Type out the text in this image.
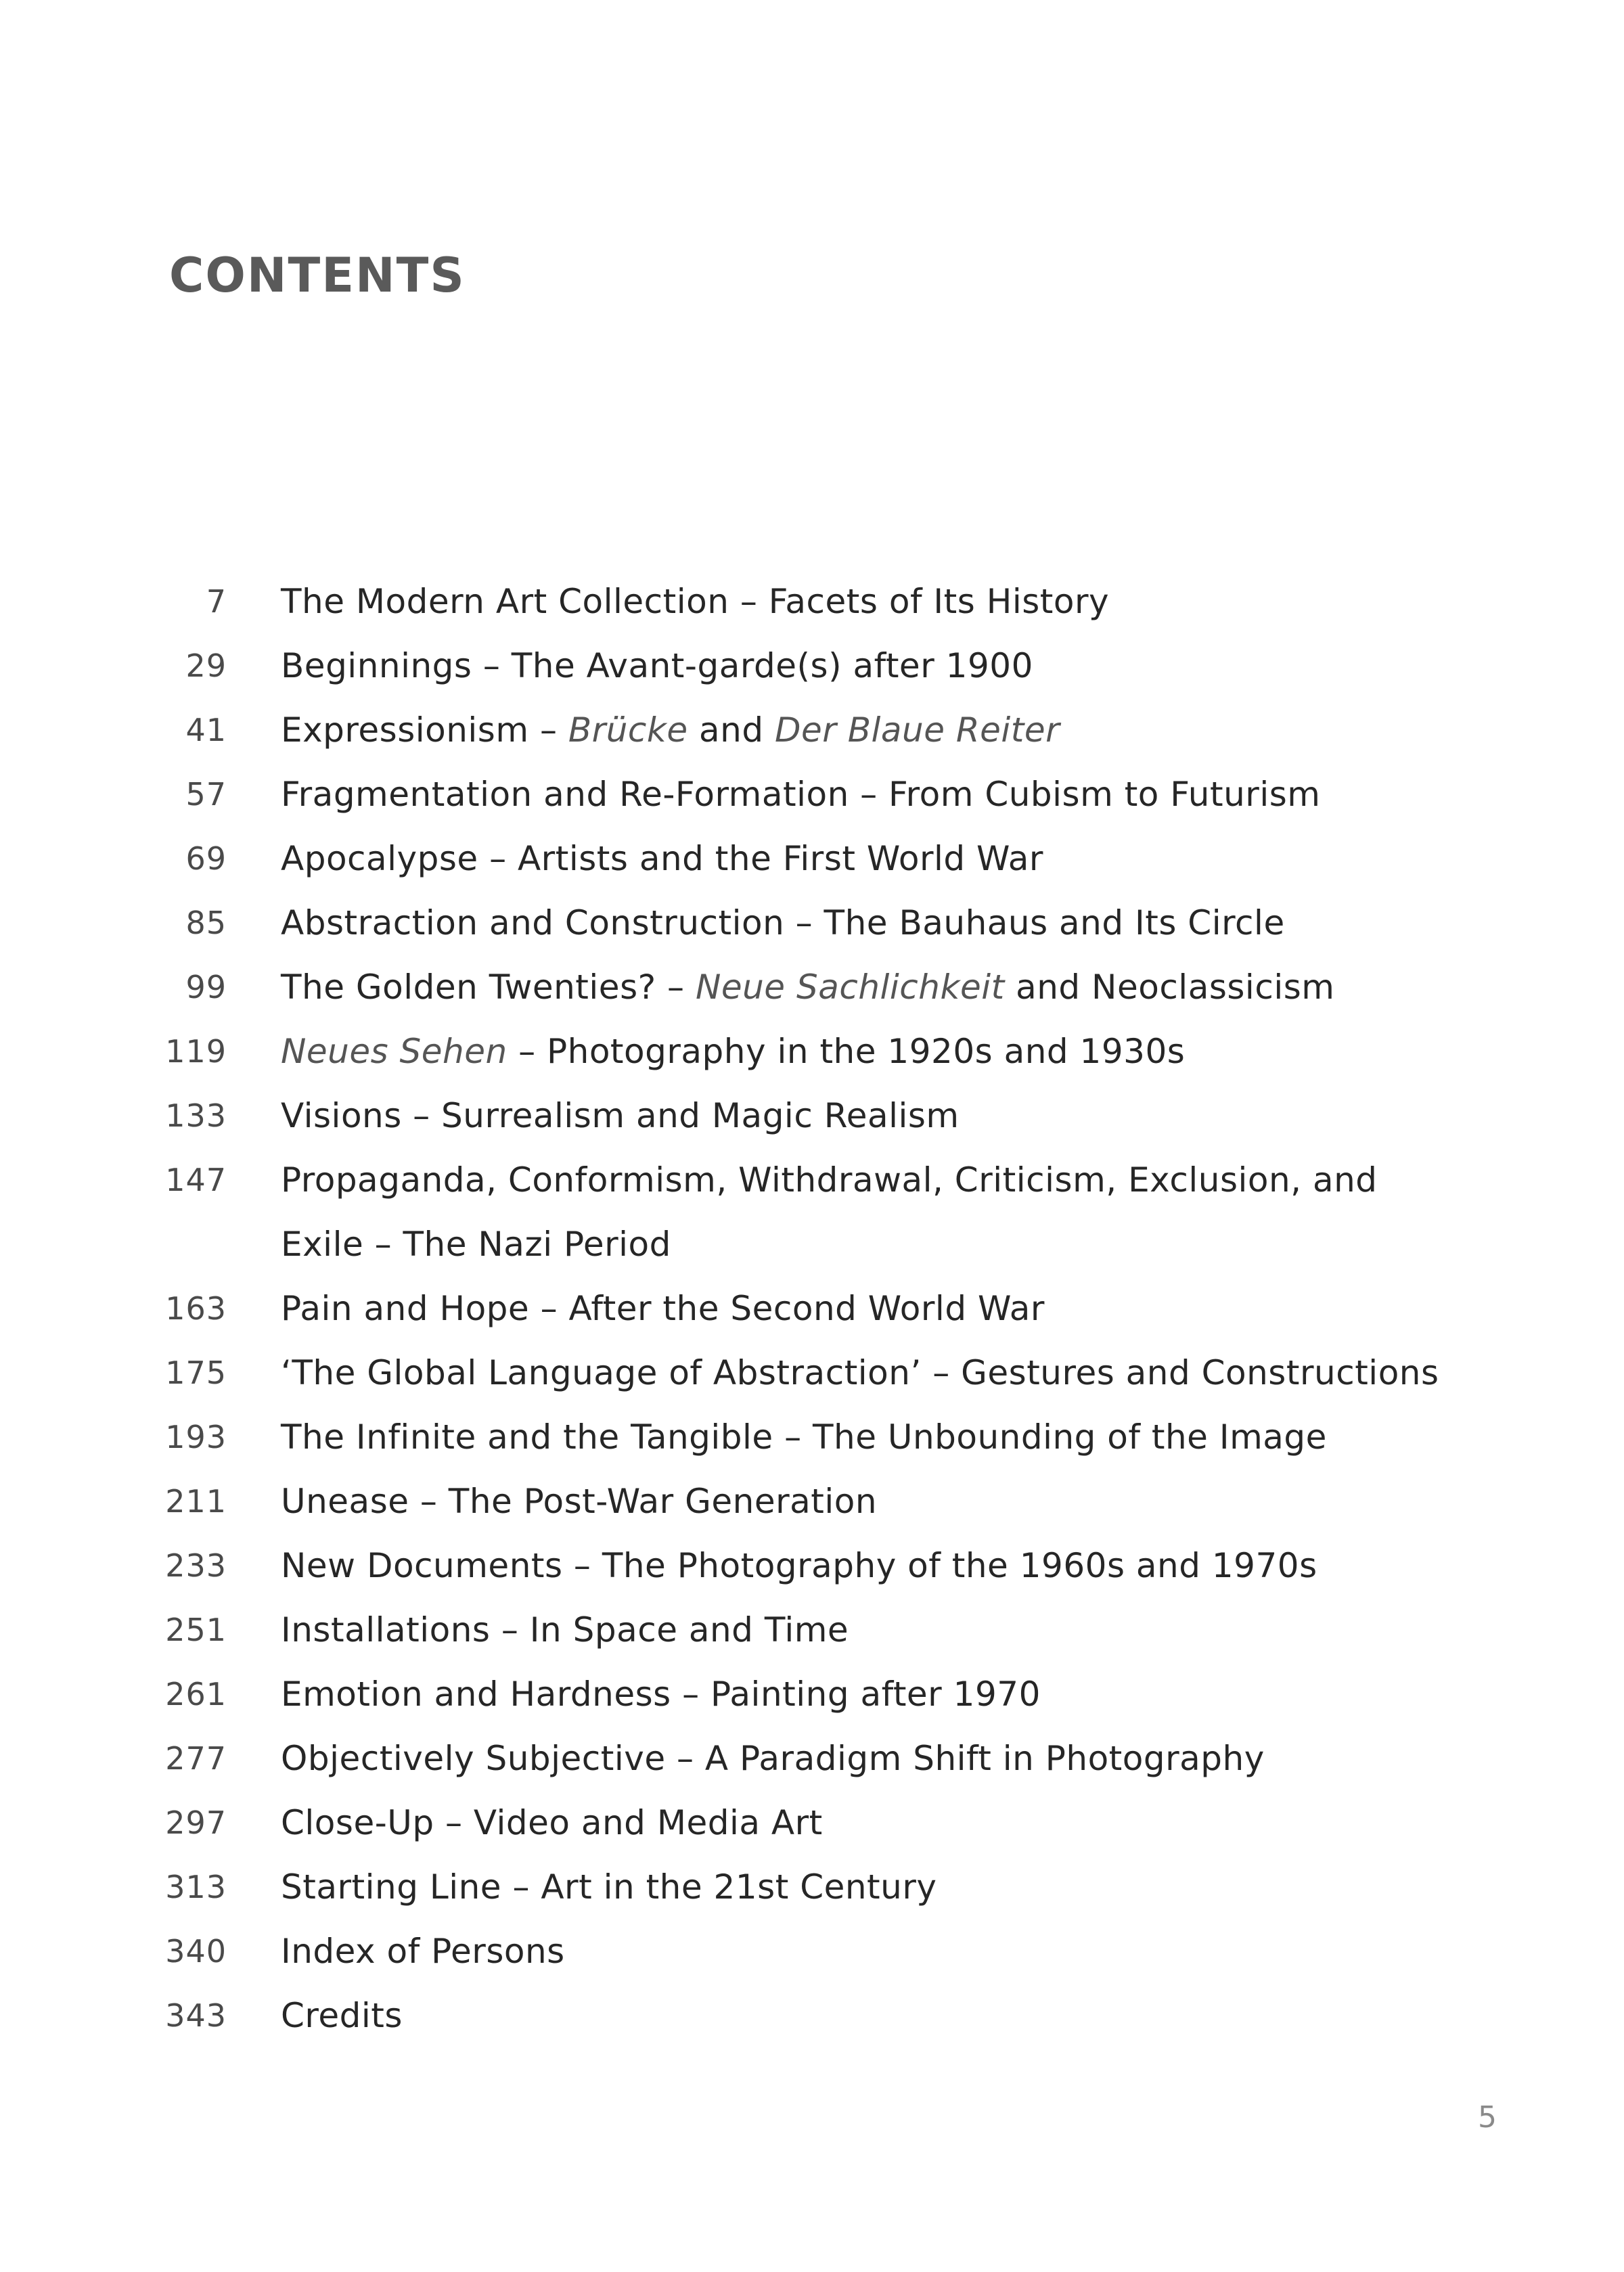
CONTENTS
7 The Modern Art Collection – Facets of Its History
29 Beginnings – The Avant-garde(s) after 1900
41 Expressionism – Brücke and Der Blaue Reiter
57 Fragmentation and Re-Formation – From Cubism to Futurism
69 Apocalypse – Artists and the First World War
85 Abstraction and Construction – The Bauhaus and Its Circle
99 The Golden Twenties? – Neue Sachlichkeit and Neoclassicism
119 Neues Sehen – Photography in the 1920s and 1930s
133 Visions – Surrealism and Magic Realism
147 Propaganda, Conformism, Withdrawal, Criticism, Exclusion, and Exile – The Nazi Period
163 Pain and Hope – After the Second World War
175 ‘The Global Language of Abstraction’ – Gestures and Constructions
193 The Infinite and the Tangible – The Unbounding of the Image
211 Unease – The Post-War Generation
233 New Documents – The Photography of the 1960s and 1970s
251 Installations – In Space and Time
261 Emotion and Hardness – Painting after 1970
277 Objectively Subjective – A Paradigm Shift in Photography
297 Close-Up – Video and Media Art
313 Starting Line – Art in the 21st Century
340 Index of Persons
343 Credits
5
